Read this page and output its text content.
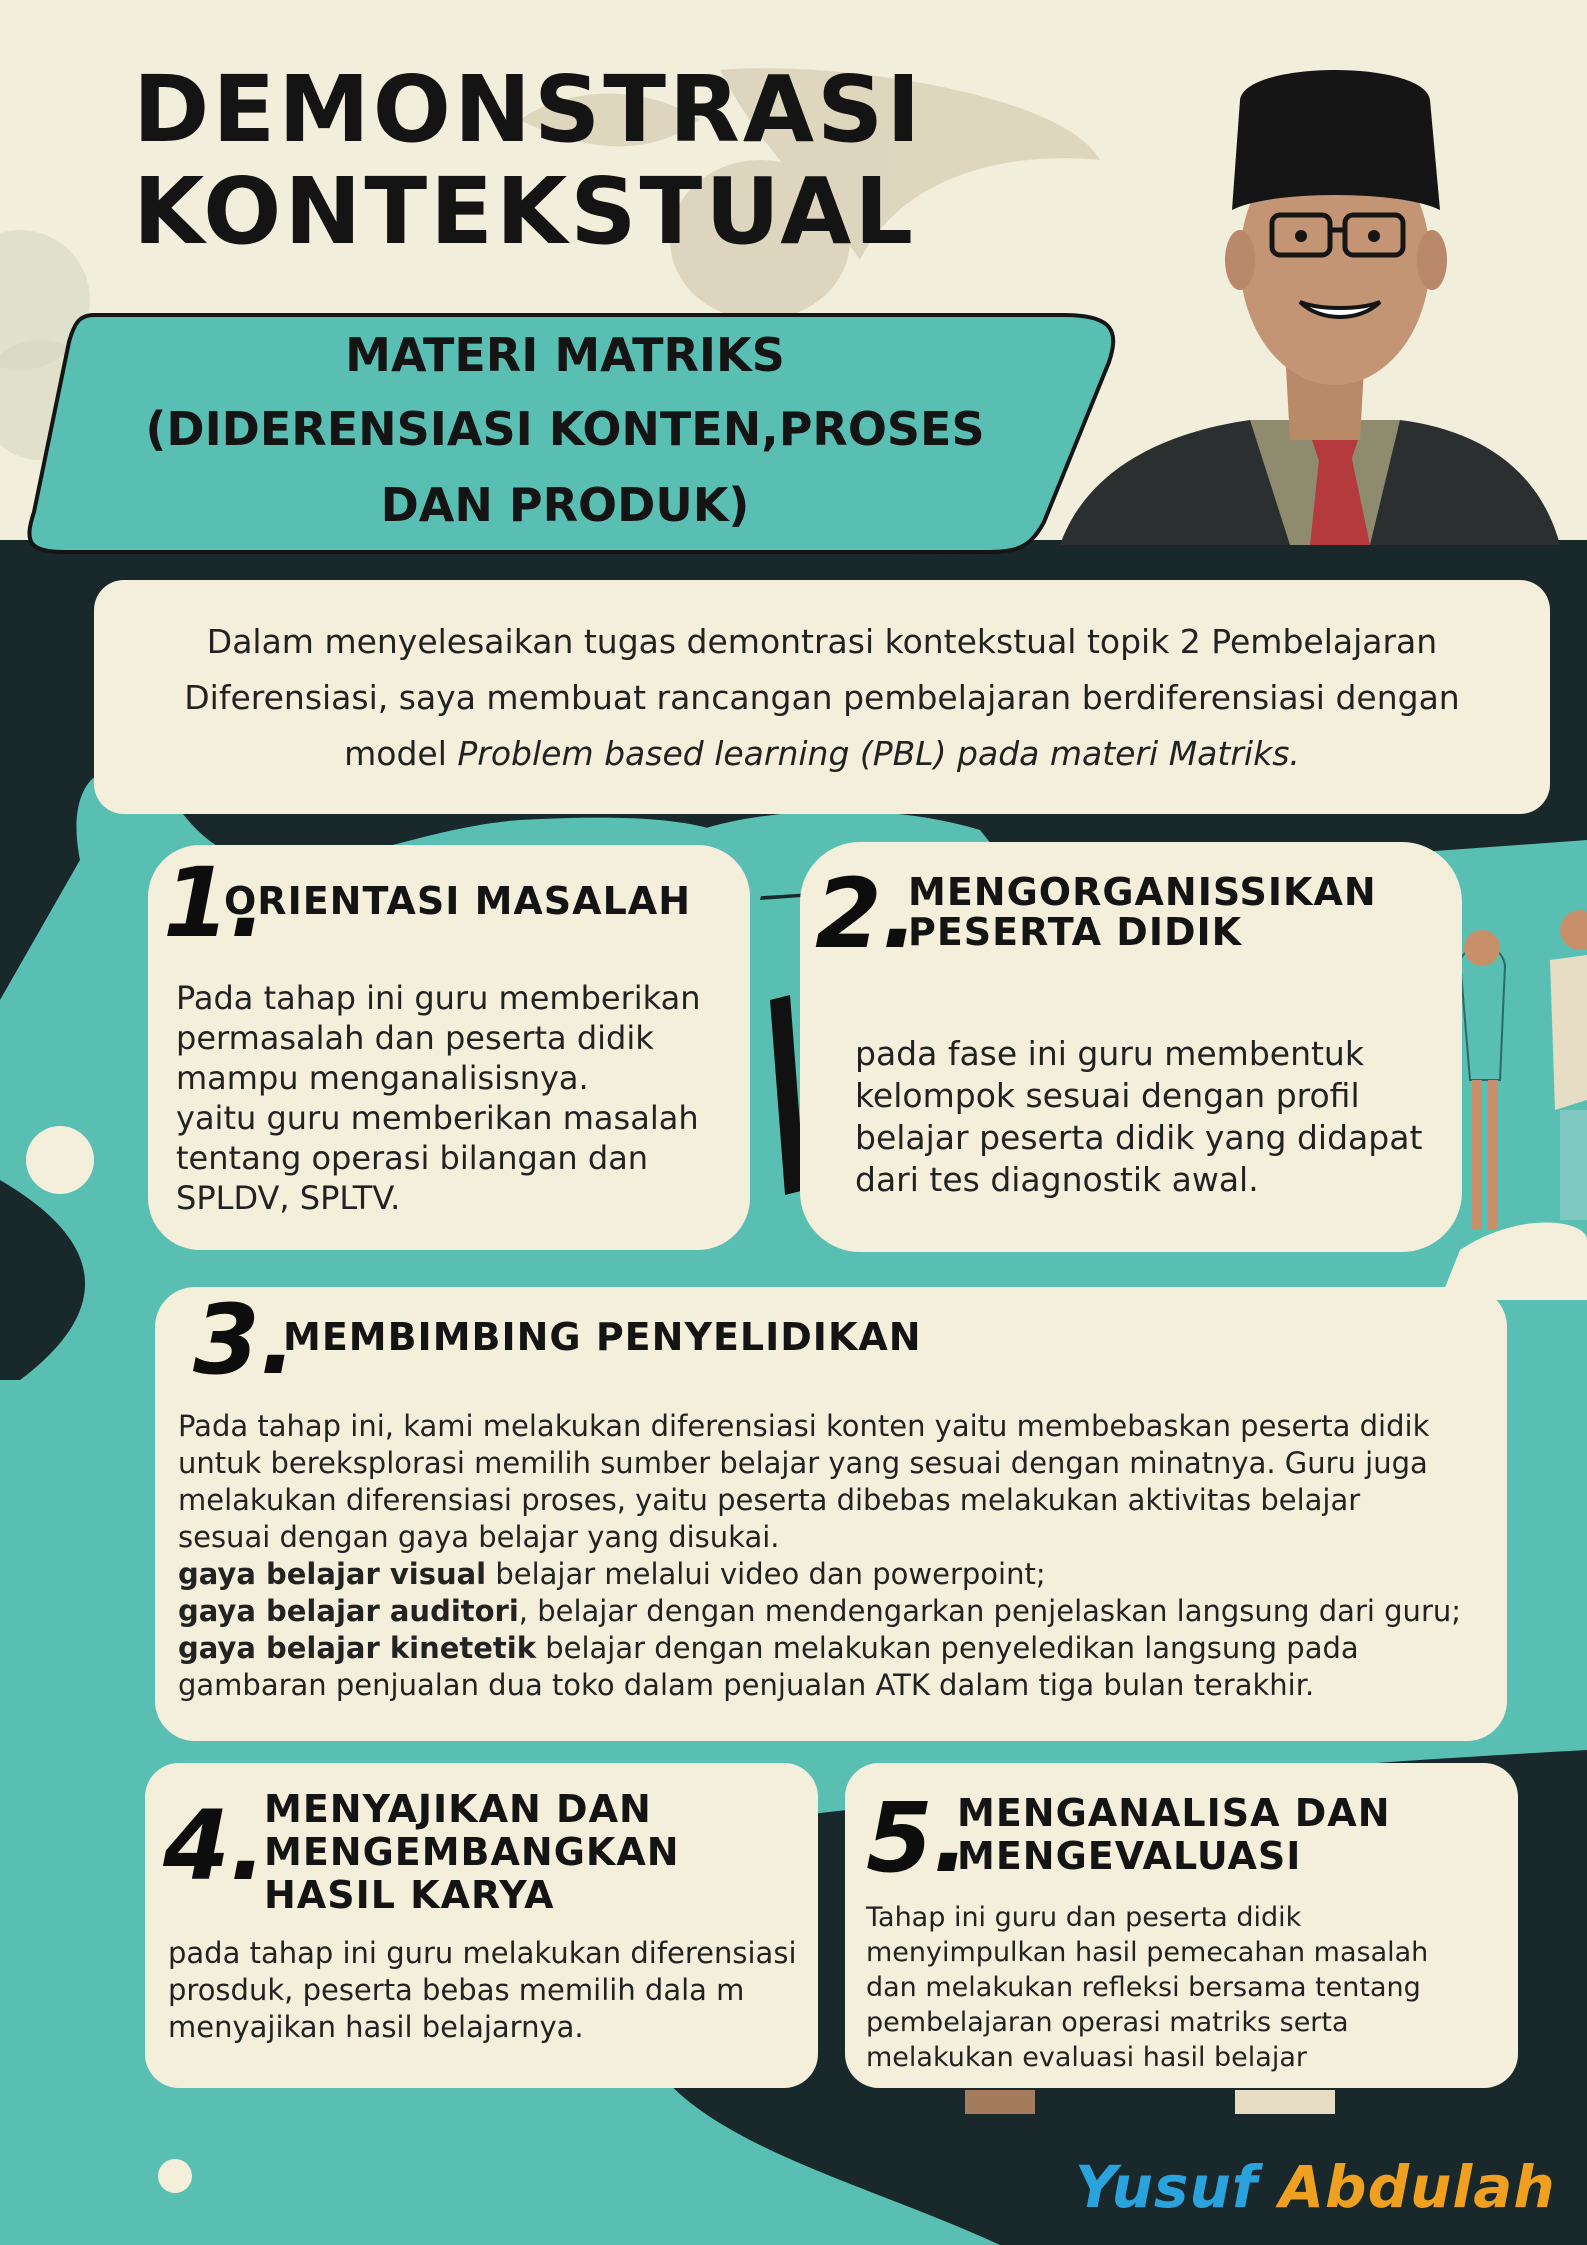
DEMONSTRASI
KONTEKSTUAL
MATERI MATRIKS
(DIDERENSIASI KONTEN,PROSES
DAN PRODUK)
Dalam menyelesaikan tugas demontrasi kontekstual topik 2 Pembelajaran
Diferensiasi, saya membuat rancangan pembelajaran berdiferensiasi dengan
model Problem based learning (PBL) pada materi Matriks.
1.
ORIENTASI MASALAH
Pada tahap ini guru memberikan
permasalah dan peserta didik
mampu menganalisisnya.
yaitu guru memberikan masalah
tentang operasi bilangan dan
SPLDV, SPLTV.
2.
MENGORGANISSIKAN
PESERTA DIDIK
pada fase ini guru membentuk
kelompok sesuai dengan profil
belajar peserta didik yang didapat
dari tes diagnostik awal.
3.
MEMBIMBING PENYELIDIKAN
Pada tahap ini, kami melakukan diferensiasi konten yaitu membebaskan peserta didik
untuk bereksplorasi memilih sumber belajar yang sesuai dengan minatnya. Guru juga
melakukan diferensiasi proses, yaitu peserta dibebas melakukan aktivitas belajar
sesuai dengan gaya belajar yang disukai.
gaya belajar visual belajar melalui video dan powerpoint;
gaya belajar auditori, belajar dengan mendengarkan penjelaskan langsung dari guru;
gaya belajar kinetetik belajar dengan melakukan penyeledikan langsung pada
gambaran penjualan dua toko dalam penjualan ATK dalam tiga bulan terakhir.
4.
MENYAJIKAN DAN
MENGEMBANGKAN
HASIL KARYA
pada tahap ini guru melakukan diferensiasi
prosduk, peserta bebas memilih dala m
menyajikan hasil belajarnya.
5.
MENGANALISA DAN
MENGEVALUASI
Tahap ini guru dan peserta didik
menyimpulkan hasil pemecahan masalah
dan melakukan refleksi bersama tentang
pembelajaran operasi matriks serta
melakukan evaluasi hasil belajar
Yusuf Abdulah
